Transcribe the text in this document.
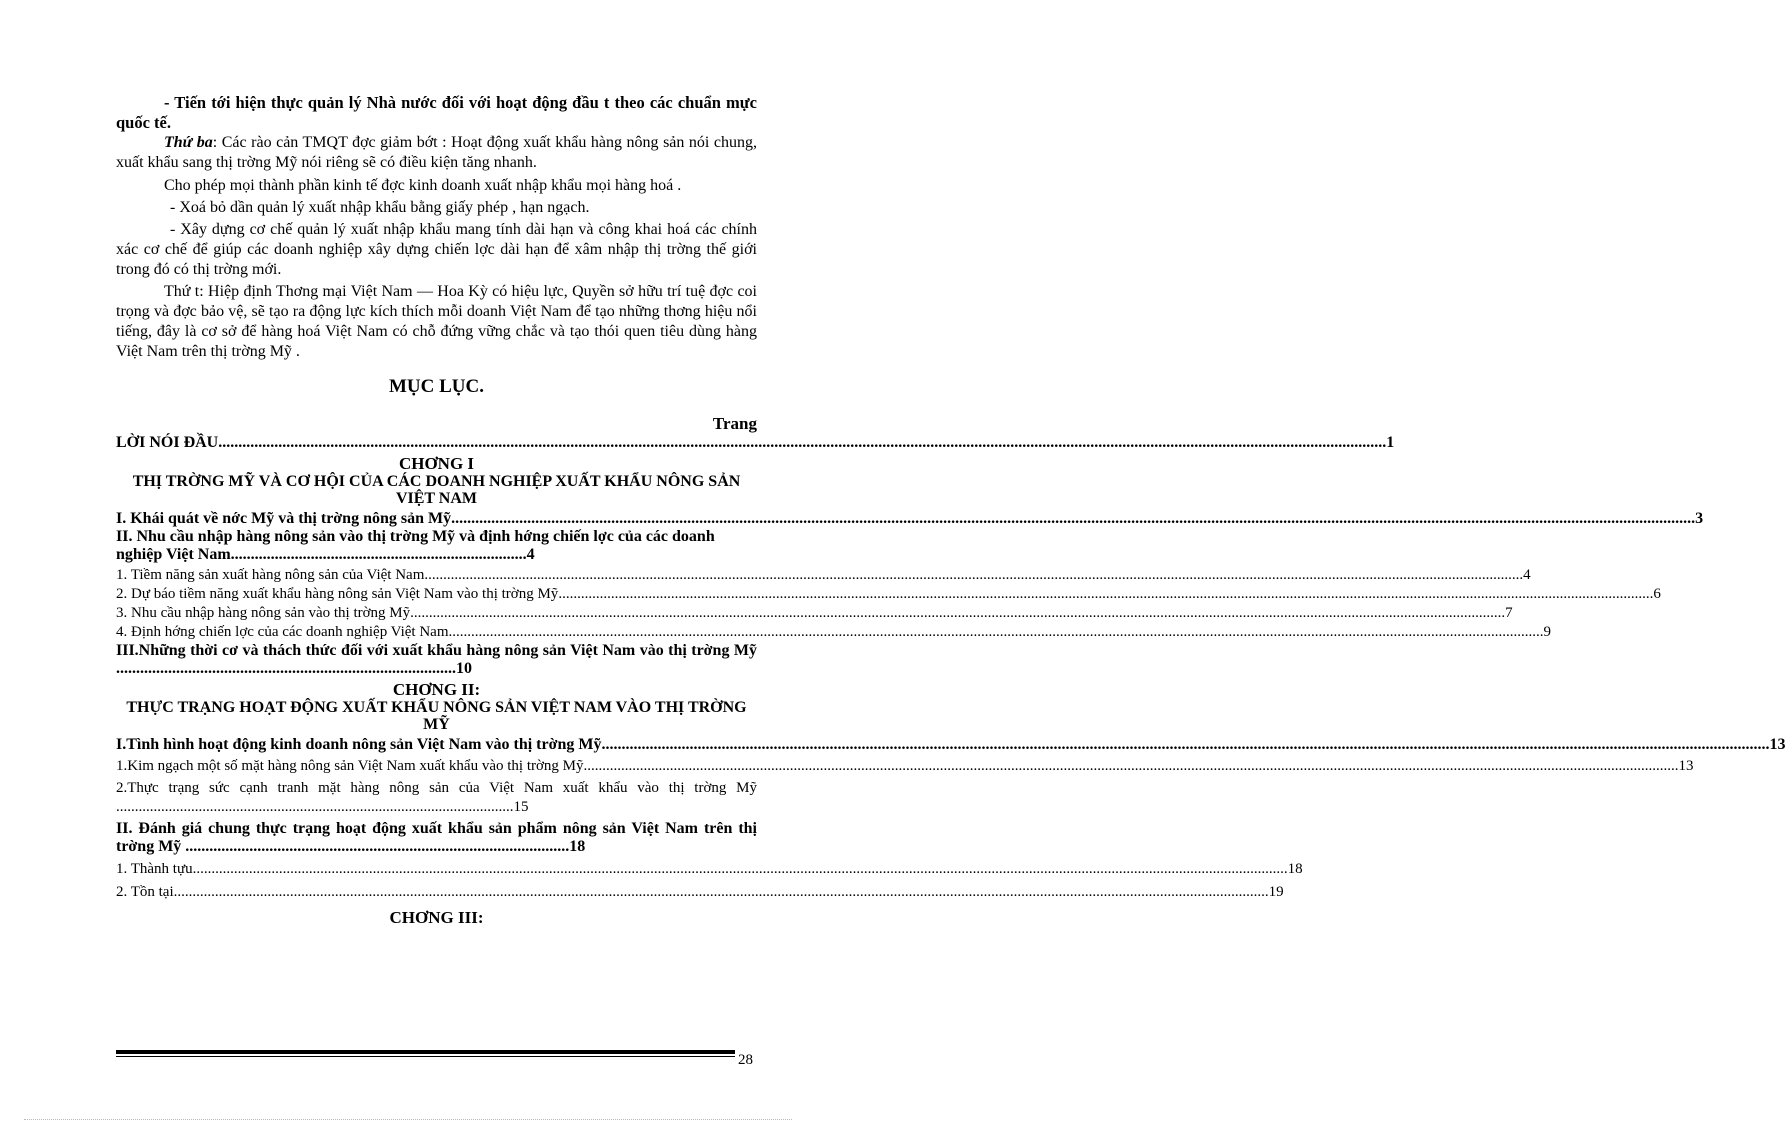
- Tiến tới hiện thực quản lý Nhà nước đối với hoạt động đầu t theo các chuẩn mực quốc tế.

Thứ ba: Các rào cản TMQT đợc giảm bớt : Hoạt động xuất khẩu hàng nông sản nói chung, xuất khẩu sang thị trờng Mỹ nói riêng sẽ có điều kiện tăng nhanh.

Cho phép mọi thành phần kinh tế đợc kinh doanh xuất nhập khẩu mọi hàng hoá .

- Xoá bỏ dần quản lý xuất nhập khẩu bằng giấy phép , hạn ngạch.

- Xây dựng cơ chế quản lý xuất nhập khẩu mang tính dài hạn và công khai hoá các chính xác cơ chế để giúp các doanh nghiệp xây dựng chiến lợc dài hạn để xâm nhập thị trờng thế giới trong đó có thị trờng mới.

Thứ t: Hiệp định Thơng mại Việt Nam — Hoa Kỳ có hiệu lực, Quyền sở hữu trí tuệ đợc coi trọng và đợc bảo vệ, sẽ tạo ra động lực kích thích mỗi doanh Việt Nam để tạo những thơng hiệu nổi tiếng, đây là cơ sở để hàng hoá Việt Nam có chỗ đứng vững chắc và tạo thói quen tiêu dùng hàng Việt Nam trên thị trờng Mỹ .

MỤC LỤC.
Trang
LỜI NÓI ĐẦU .....	1
CHƠNG I
THỊ TRỜNG MỸ VÀ CƠ HỘI CỦA CÁC DOANH NGHIỆP XUẤT KHẨU NÔNG SẢN VIỆT NAM
I. Khái quát về nớc Mỹ và thị trờng nông sản Mỹ. .................. .....	3
II. Nhu cầu nhập hàng nông sản vào thị trờng Mỹ và định hớng chiến lợc của các doanh nghiệp Việt Nam..........................................................................4
1. Tiềm năng sản xuất hàng nông sản của Việt Nam. .....	4
2. Dự báo tiềm năng xuất khẩu hàng nông sản Việt Nam vào thị trờng Mỹ .....	6
3. Nhu cầu nhập hàng nông sản vào thị trờng Mỹ .....	7
4. Định hớng chiến lợc của các doanh nghiệp Việt Nam .....	9
III.Những thời cơ và thách thức đối với xuất khẩu hàng nông sản Việt Nam vào thị trờng Mỹ .....................................................................................10
CHƠNG II:
THỰC TRẠNG HOẠT ĐỘNG XUẤT KHẨU NÔNG SẢN VIỆT NAM VÀO THỊ TRỜNG MỸ
I.Tình hình hoạt động kinh doanh nông sản Việt Nam vào thị trờng Mỹ .....	13
1.Kim ngạch một số mặt hàng nông sản Việt Nam xuất khẩu vào thị trờng Mỹ .....	13
2.Thực trạng sức cạnh tranh mặt hàng nông sản của Việt Nam xuất khẩu vào thị trờng Mỹ ..........................................................................................................15
II. Đánh giá chung thực trạng hoạt động xuất khẩu sản phẩm nông sản Việt Nam trên thị trờng Mỹ ................................................................................................18
1. Thành tựu .....	18
2. Tồn tại .....	19
CHƠNG III:
28
